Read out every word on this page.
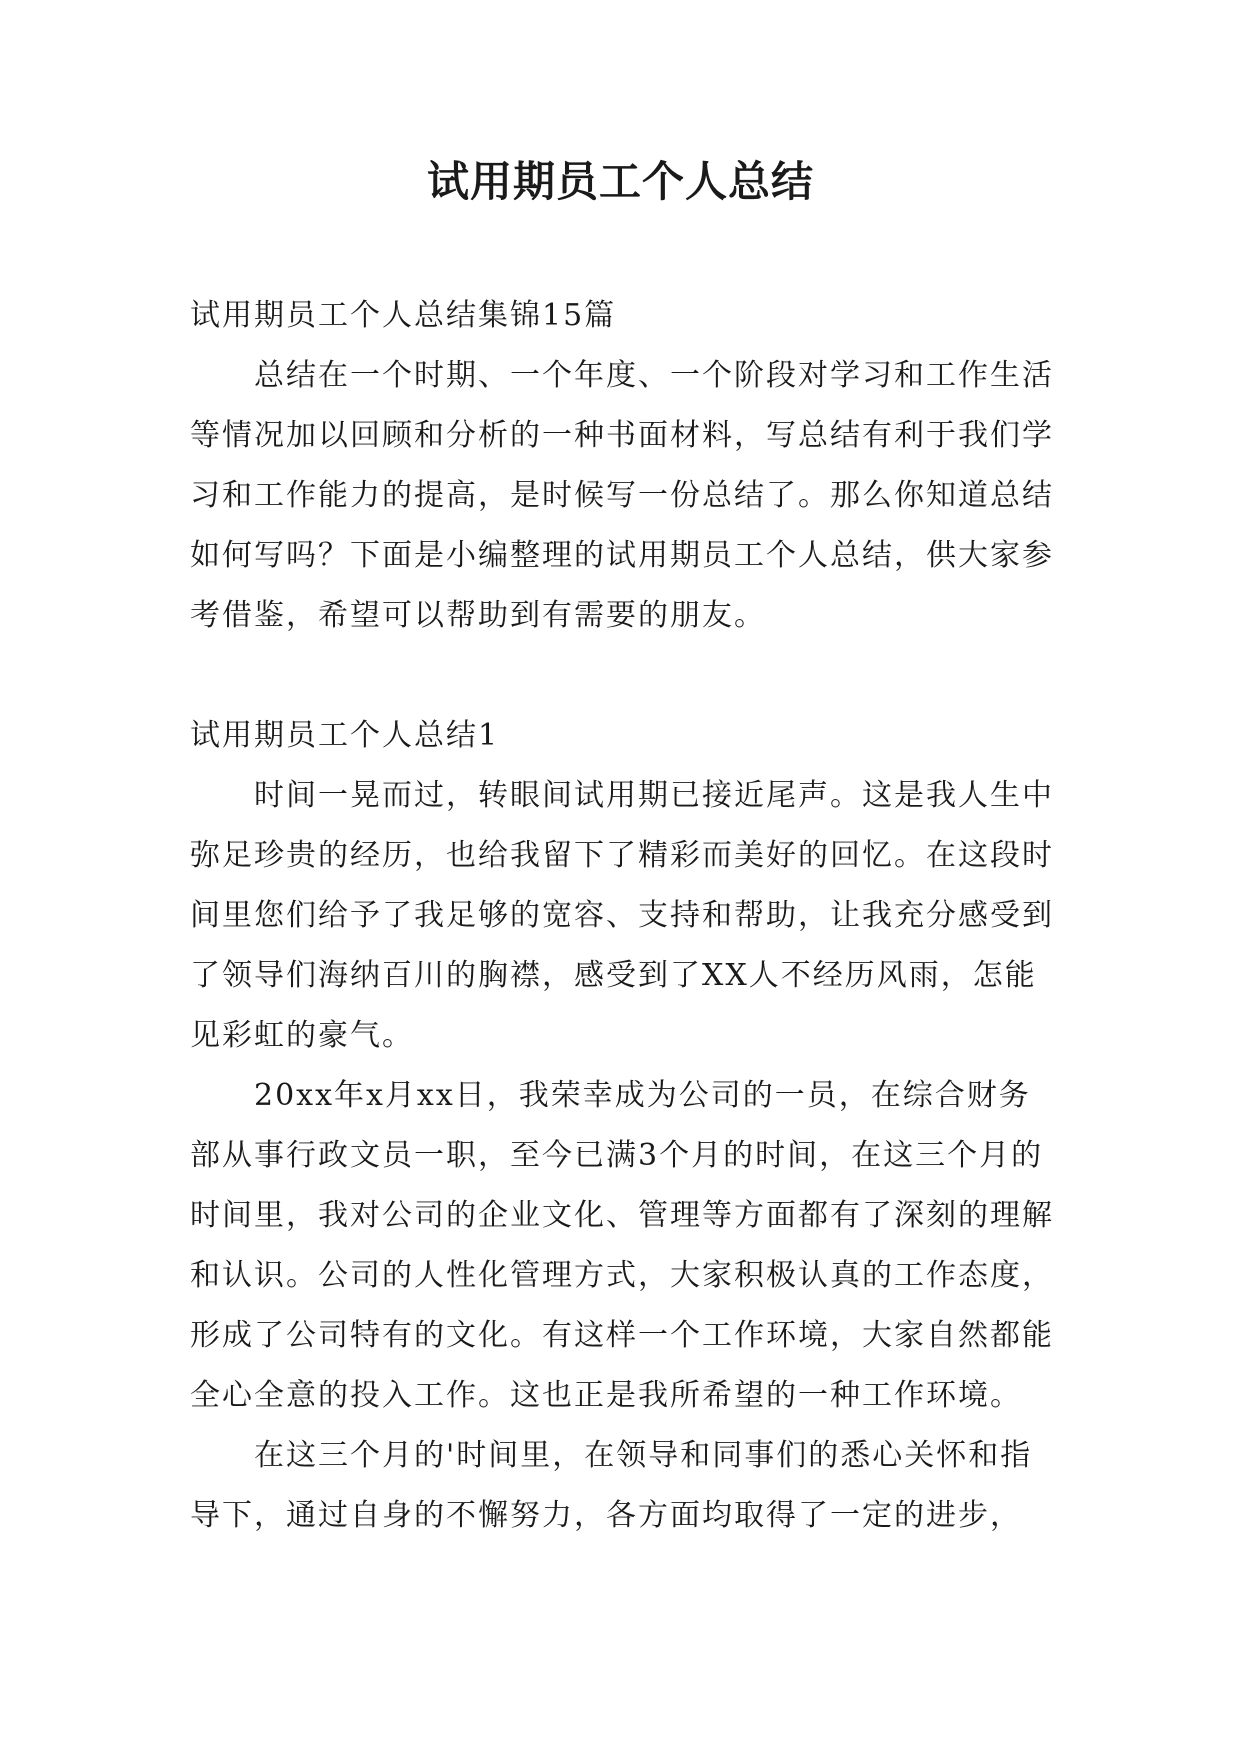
试用期员工个人总结

试用期员工个人总结集锦15篇

总结在一个时期、一个年度、一个阶段对学习和工作生活等情况加以回顾和分析的一种书面材料，写总结有利于我们学习和工作能力的提高，是时候写一份总结了。那么你知道总结如何写吗？下面是小编整理的试用期员工个人总结，供大家参考借鉴，希望可以帮助到有需要的朋友。

试用期员工个人总结1

时间一晃而过，转眼间试用期已接近尾声。这是我人生中弥足珍贵的经历，也给我留下了精彩而美好的回忆。在这段时间里您们给予了我足够的宽容、支持和帮助，让我充分感受到了领导们海纳百川的胸襟，感受到了XX人不经历风雨，怎能见彩虹的豪气。

20xx年x月xx日，我荣幸成为公司的一员，在综合财务部从事行政文员一职，至今已满3个月的时间，在这三个月的时间里，我对公司的企业文化、管理等方面都有了深刻的理解和认识。公司的人性化管理方式，大家积极认真的工作态度，形成了公司特有的文化。有这样一个工作环境，大家自然都能全心全意的投入工作。这也正是我所希望的一种工作环境。

在这三个月的'时间里，在领导和同事们的悉心关怀和指导下，通过自身的不懈努力，各方面均取得了一定的进步，
